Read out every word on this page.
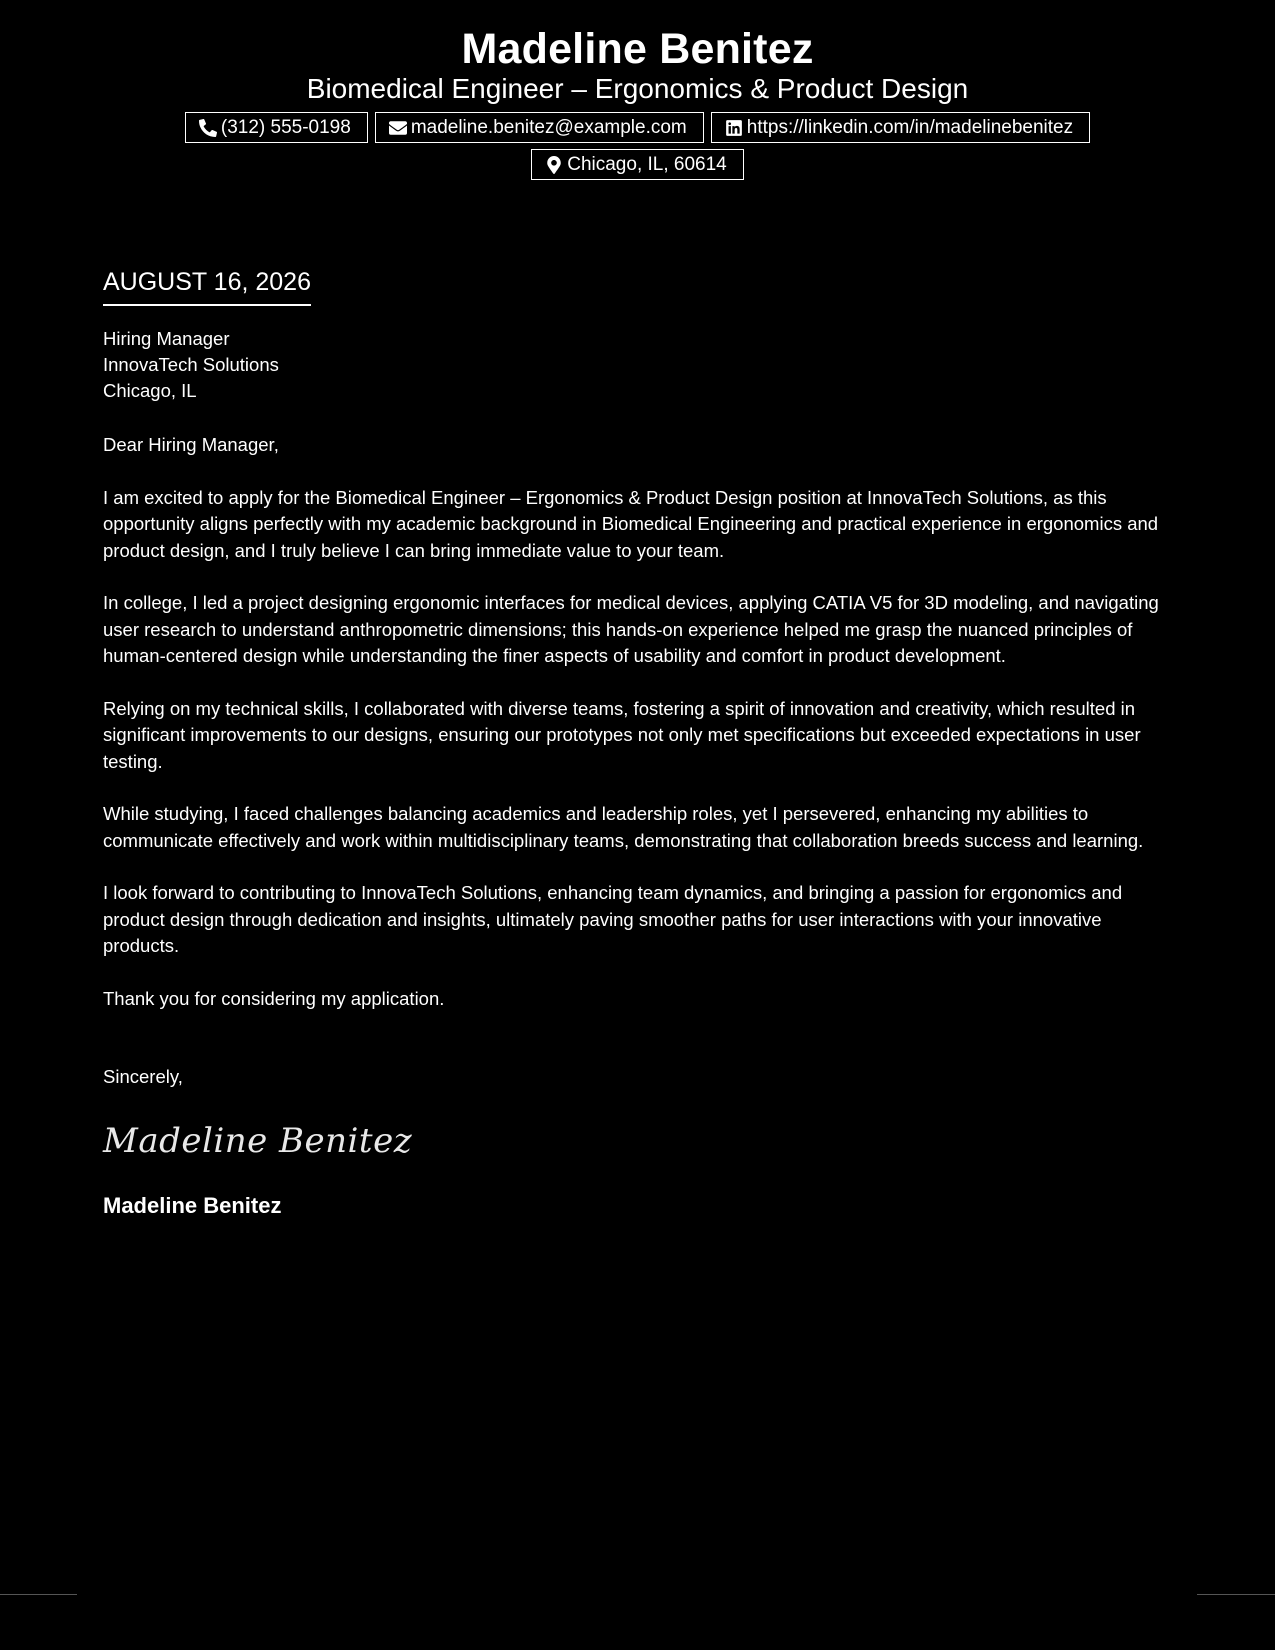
Madeline Benitez
Biomedical Engineer – Ergonomics & Product Design
(312) 555-0198	madeline.benitez@example.com	https://linkedin.com/in/madelinebenitez
Chicago, IL, 60614
AUGUST 16, 2026
Hiring Manager
InnovaTech Solutions
Chicago, IL
Dear Hiring Manager,
I am excited to apply for the Biomedical Engineer – Ergonomics & Product Design position at InnovaTech Solutions, as this opportunity aligns perfectly with my academic background in Biomedical Engineering and practical experience in ergonomics and product design, and I truly believe I can bring immediate value to your team.
In college, I led a project designing ergonomic interfaces for medical devices, applying CATIA V5 for 3D modeling, and navigating user research to understand anthropometric dimensions; this hands-on experience helped me grasp the nuanced principles of human-centered design while understanding the finer aspects of usability and comfort in product development.
Relying on my technical skills, I collaborated with diverse teams, fostering a spirit of innovation and creativity, which resulted in significant improvements to our designs, ensuring our prototypes not only met specifications but exceeded expectations in user testing.
While studying, I faced challenges balancing academics and leadership roles, yet I persevered, enhancing my abilities to communicate effectively and work within multidisciplinary teams, demonstrating that collaboration breeds success and learning.
I look forward to contributing to InnovaTech Solutions, enhancing team dynamics, and bringing a passion for ergonomics and product design through dedication and insights, ultimately paving smoother paths for user interactions with your innovative products.
Thank you for considering my application.
Sincerely,
Madeline Benitez
Madeline Benitez
